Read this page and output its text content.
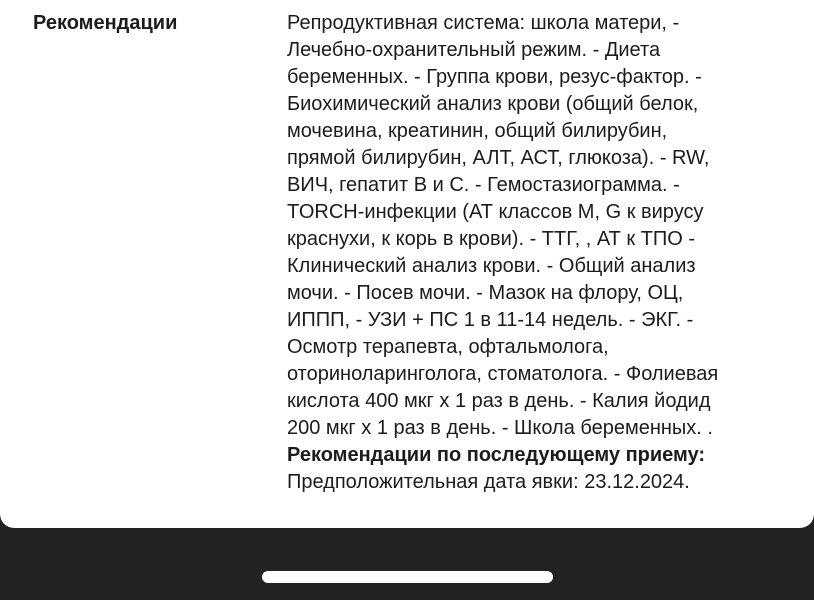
Рекомендации	Репродуктивная система: школа матери, -
Лечебно-охранительный режим. - Диета
беременных. - Группа крови, резус-фактор. -
Биохимический анализ крови (общий белок,
мочевина, креатинин, общий билирубин,
прямой билирубин, АЛТ, АСТ, глюкоза). - RW,
ВИЧ, гепатит B и C. - Гемостазиограмма. -
TORCH-инфекции (АТ классов M, G к вирусу
краснухи, к корь в крови). - ТТГ, , АТ к ТПО -
Клинический анализ крови. - Общий анализ
мочи. - Посев мочи. - Мазок на флору, ОЦ,
ИППП, - УЗИ + ПС 1 в 11-14 недель. - ЭКГ. -
Осмотр терапевта, офтальмолога,
оториноларинголога, стоматолога. - Фолиевая
кислота 400 мкг х 1 раз в день. - Калия йодид
200 мкг х 1 раз в день. - Школа беременных. .
Рекомендации по последующему приему:
Предположительная дата явки: 23.12.2024.
